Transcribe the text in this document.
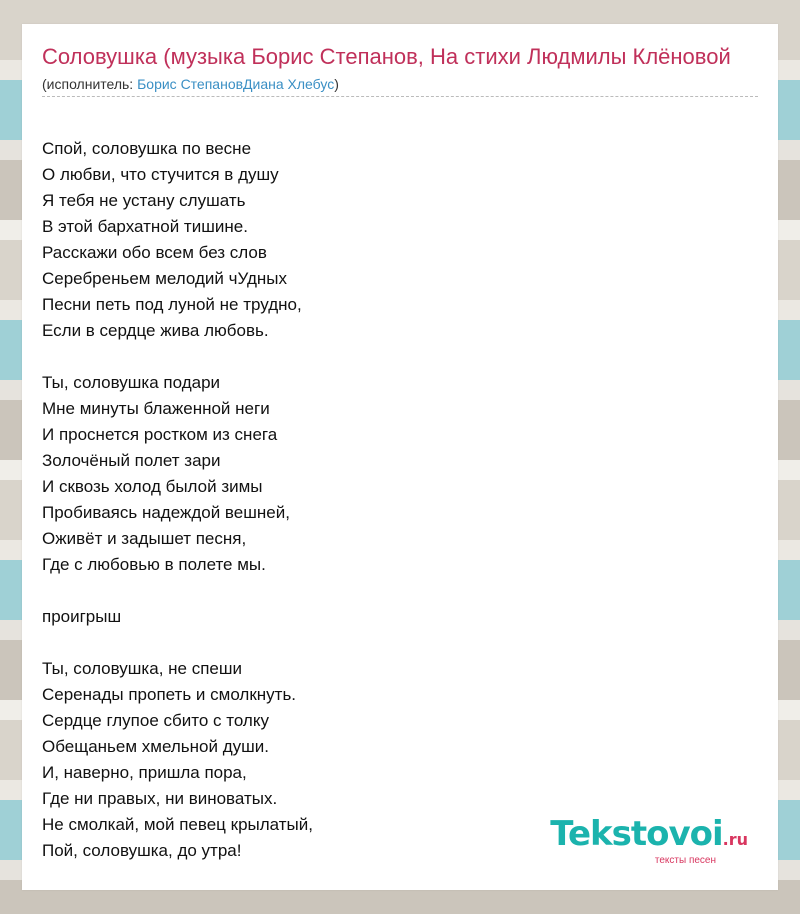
Соловушка (музыка Борис Степанов, На стихи Людмилы Клёновой
(исполнитель: Борис СтепановДиана Хлебус)
Спой, соловушка по весне
О любви, что стучится в душу
Я тебя не устану слушать
В этой бархатной тишине.
Расскажи обо всем без слов
Серебреньем мелодий чУдных
Песни петь под луной не трудно,
Если в сердце жива любовь.
Ты, соловушка подари
Мне минуты блаженной неги
И проснется ростком из снега
Золочёный полет зари
И сквозь холод былой зимы
Пробиваясь надеждой вешней,
Оживёт и задышет песня,
Где с любовью в полете мы.
проигрыш
Ты, соловушка, не спеши
Серенады пропеть и смолкнуть.
Сердце глупое сбито с толку
Обещаньем хмельной души.
И, наверно, пришла пора,
Где ни правых, ни виноватых.
Не смолкай, мой певец крылатый,
Пой, соловушка, до утра!	Tekstovoi.ru
тексты песен
